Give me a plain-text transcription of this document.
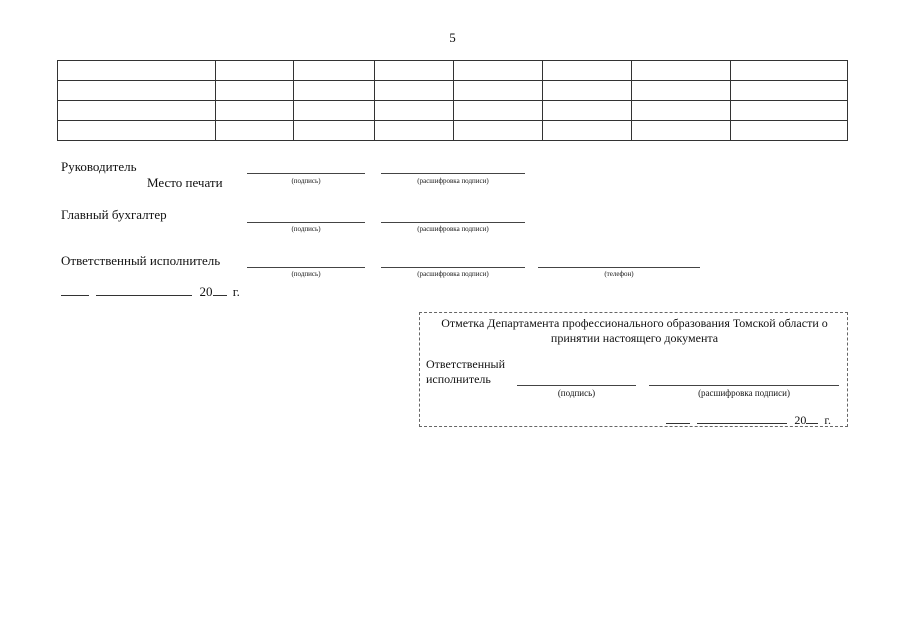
5

Руководитель
Место печати	(подпись)	(расшифровка подписи)
Главный бухгалтер
(подпись)	(расшифровка подписи)
Ответственный исполнитель
(подпись)	(расшифровка подписи)	(телефон)
20 г.
Отметка Департамента профессионального образования Томской области о принятии настоящего документа
Ответственный
исполнитель
(подпись)	(расшифровка подписи)
20 г.
